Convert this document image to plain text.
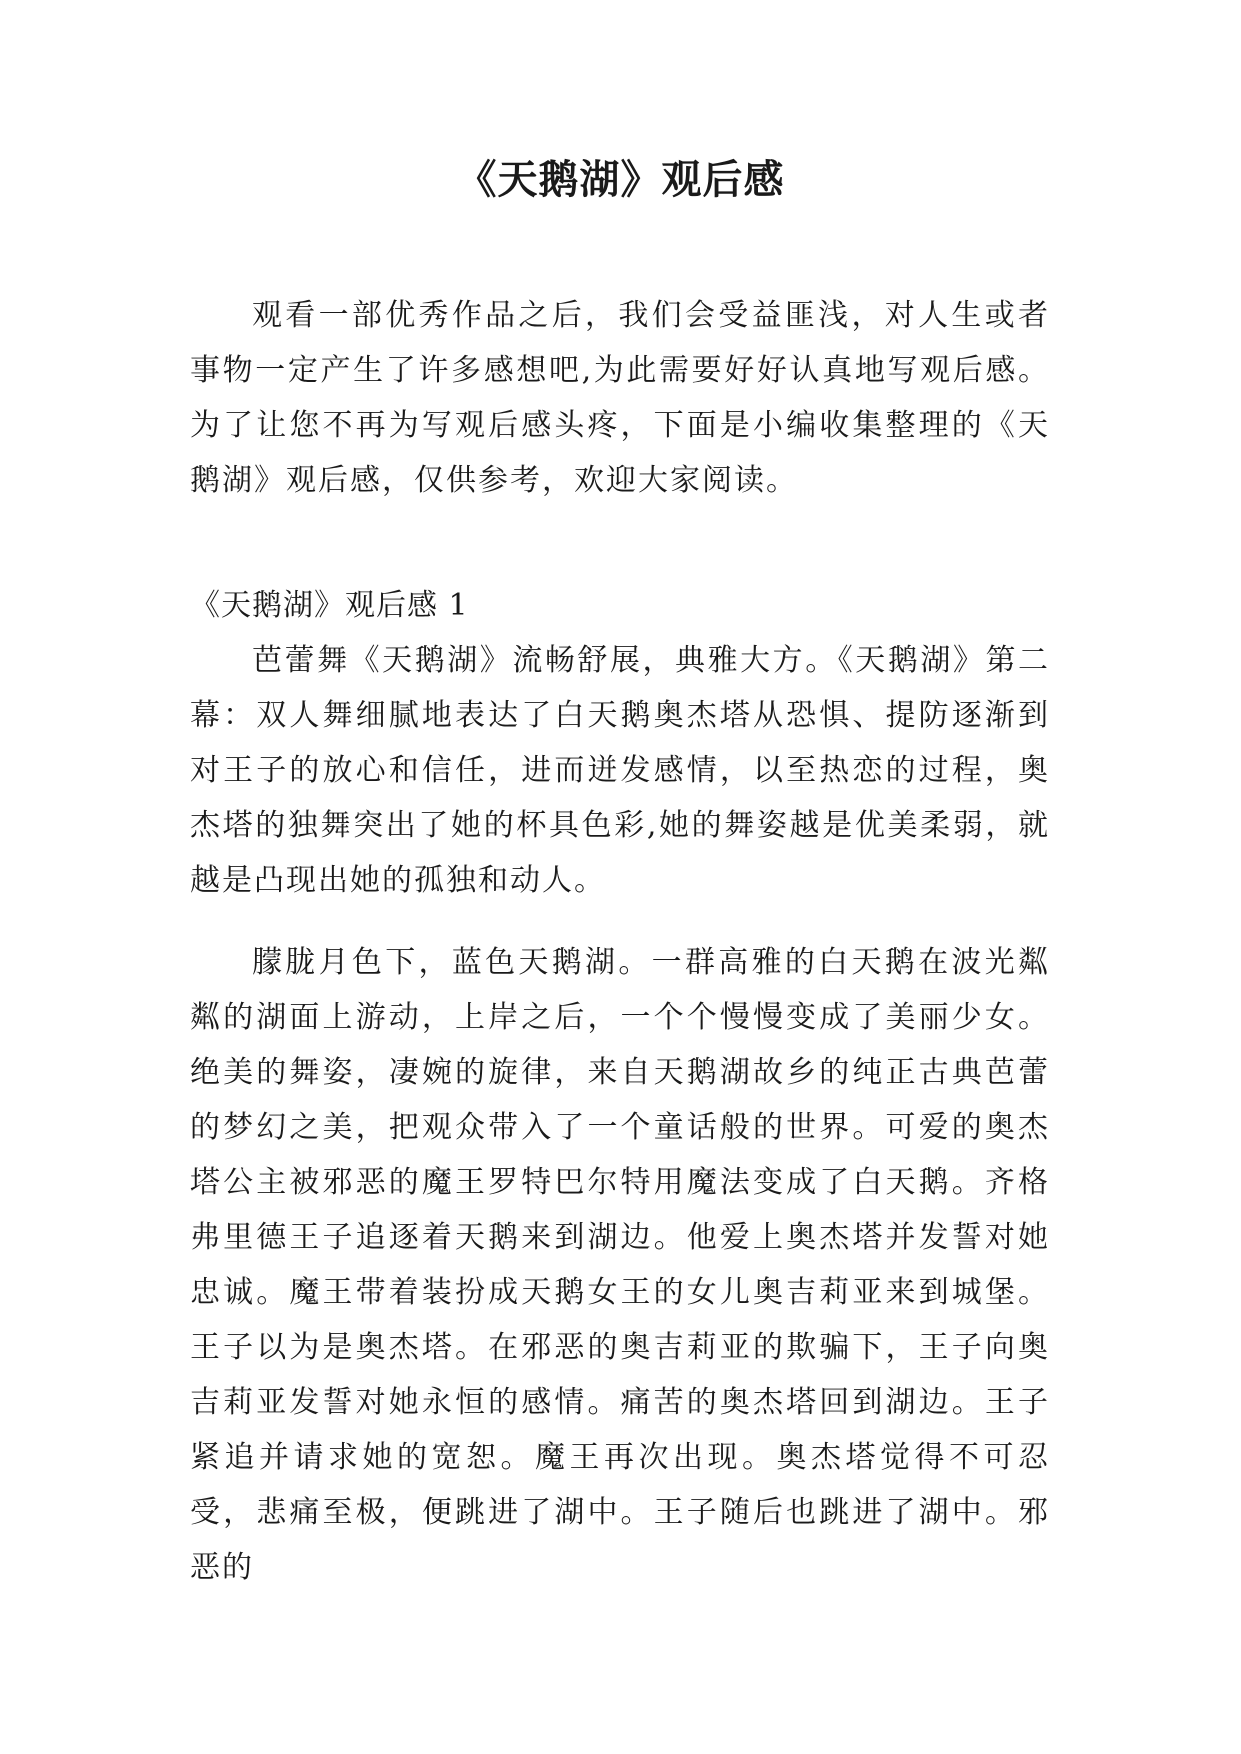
《天鹅湖》观后感

观看一部优秀作品之后，我们会受益匪浅，对人生或者事物一定产生了许多感想吧,为此需要好好认真地写观后感。为了让您不再为写观后感头疼，下面是小编收集整理的《天鹅湖》观后感，仅供参考，欢迎大家阅读。

《天鹅湖》观后感 1

芭蕾舞《天鹅湖》流畅舒展，典雅大方。《天鹅湖》第二幕：双人舞细腻地表达了白天鹅奥杰塔从恐惧、提防逐渐到对王子的放心和信任，进而迸发感情，以至热恋的过程，奥杰塔的独舞突出了她的杯具色彩,她的舞姿越是优美柔弱，就越是凸现出她的孤独和动人。

朦胧月色下，蓝色天鹅湖。一群高雅的白天鹅在波光粼粼的湖面上游动，上岸之后，一个个慢慢变成了美丽少女。绝美的舞姿，凄婉的旋律，来自天鹅湖故乡的纯正古典芭蕾的梦幻之美，把观众带入了一个童话般的世界。可爱的奥杰塔公主被邪恶的魔王罗特巴尔特用魔法变成了白天鹅。齐格弗里德王子追逐着天鹅来到湖边。他爱上奥杰塔并发誓对她忠诚。魔王带着装扮成天鹅女王的女儿奥吉莉亚来到城堡。王子以为是奥杰塔。在邪恶的奥吉莉亚的欺骗下，王子向奥吉莉亚发誓对她永恒的感情。痛苦的奥杰塔回到湖边。王子紧追并请求她的宽恕。魔王再次出现。奥杰塔觉得不可忍受，悲痛至极，便跳进了湖中。王子随后也跳进了湖中。邪恶的
